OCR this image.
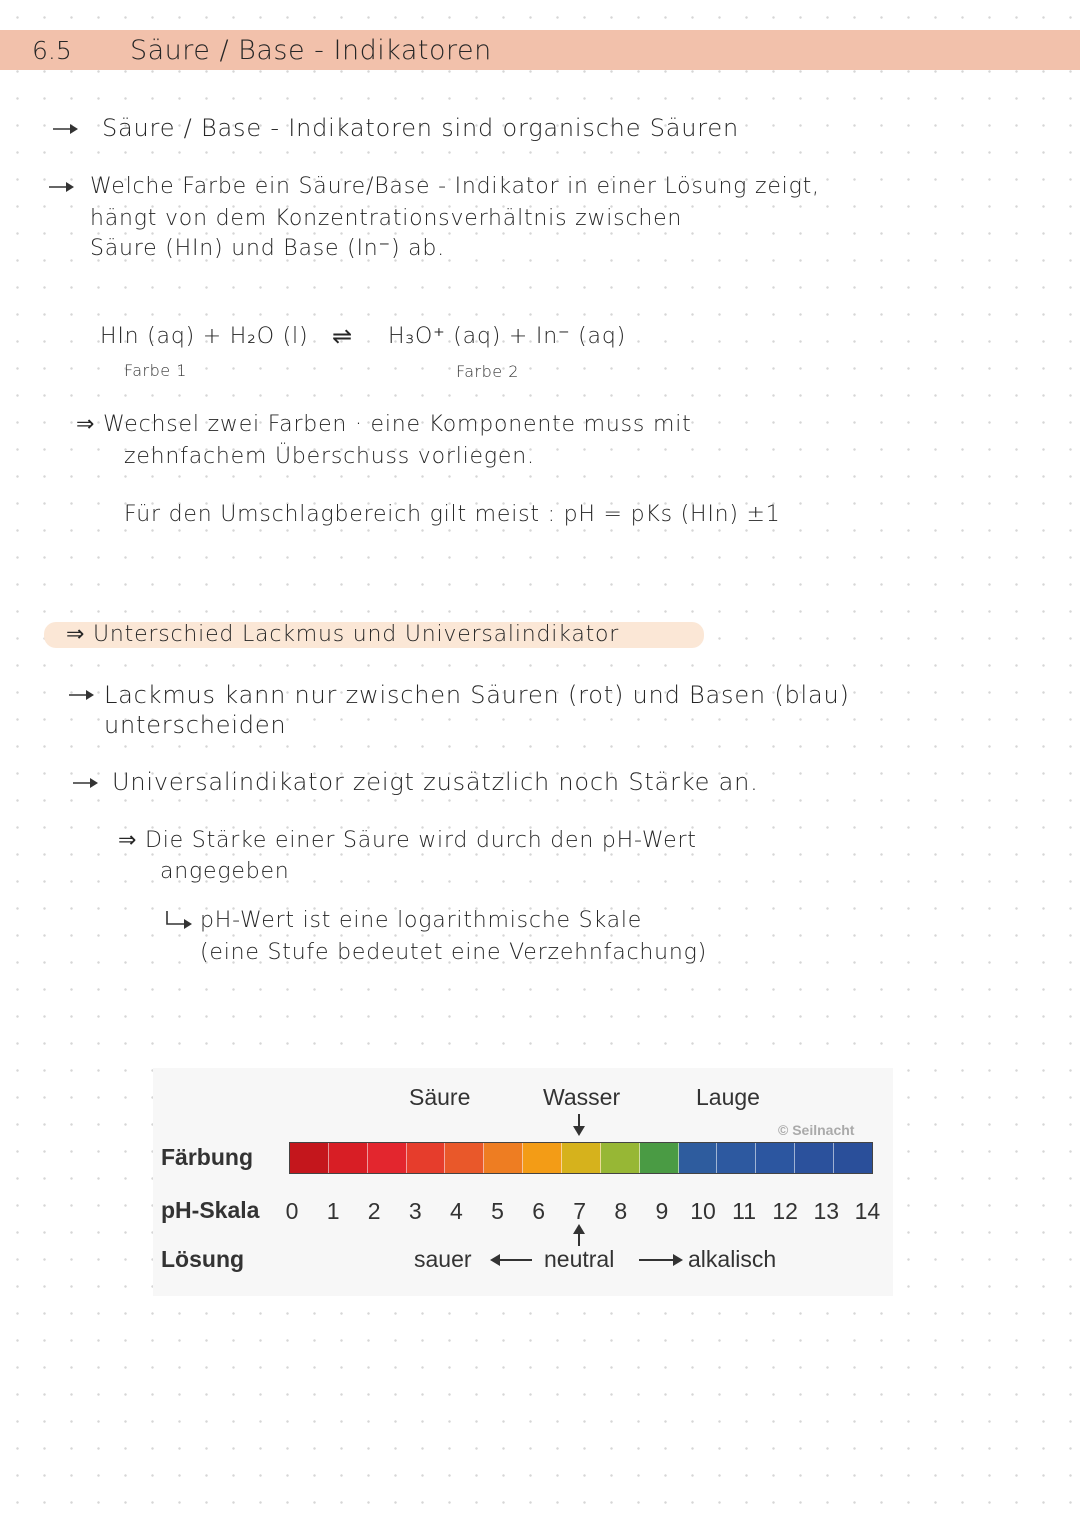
6.5 Säure / Base - Indikatoren
Säure / Base - Indikatoren sind organische Säuren
Welche Farbe ein Säure/Base - Indikator in einer Lösung zeigt,
hängt von dem Konzentrationsverhältnis zwischen
Säure (HIn) und Base (In⁻) ab.
HIn (aq) + H₂O (l) ⇌ H₃O⁺ (aq) + In⁻ (aq)
Farbe 1	Farbe 2
⇒ Wechsel zwei Farben · eine Komponente muss mit
zehnfachem Überschuss vorliegen.
Für den Umschlagbereich gilt meist : pH = pKs (HIn) ±1
⇒ Unterschied Lackmus und Universalindikator
Lackmus kann nur zwischen Säuren (rot) und Basen (blau)
unterscheiden
Universalindikator zeigt zusätzlich noch Stärke an.
⇒ Die Stärke einer Säure wird durch den pH-Wert
angegeben
pH-Wert ist eine logarithmische Skale
(eine Stufe bedeutet eine Verzehnfachung)
Säure	Wasser	Lauge
© Seilnacht
Färbung
pH-Skala	0	1	2	3	4	5	6	7	8	9 10 11 12 13 14
Lösung	sauer	neutral	alkalisch
